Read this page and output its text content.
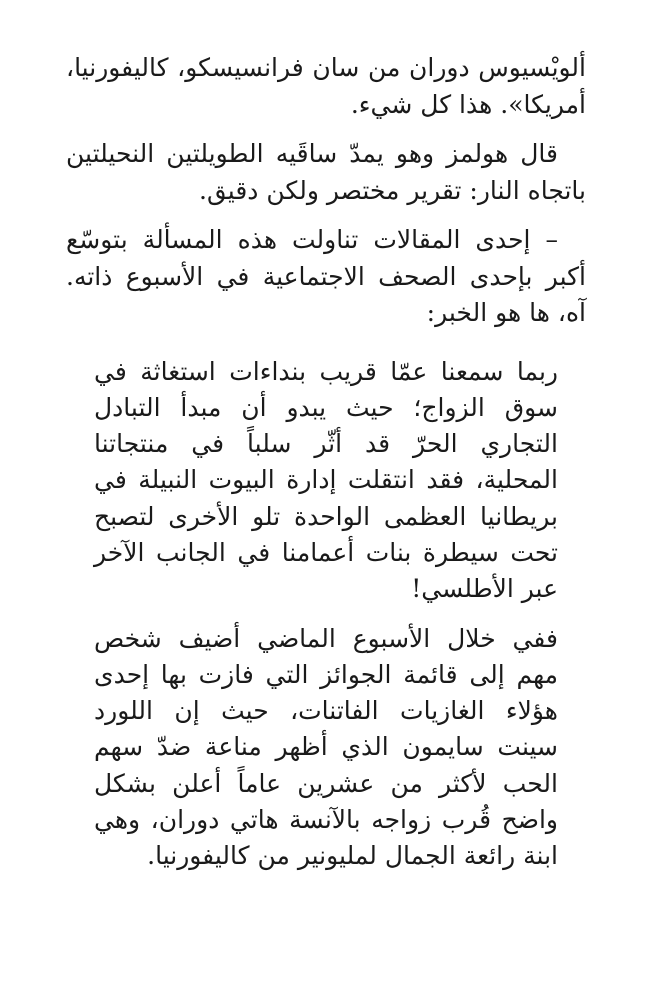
ألويْسيوس دوران من سان فرانسيسكو، كاليفورنيا، أمريكا». هذا كل شيء.

قال هولمز وهو يمدّ ساقَيه الطويلتين النحيلتين باتجاه النار: تقرير مختصر ولكن دقيق.

– إحدى المقالات تناولت هذه المسألة بتوسّع أكبر بإحدى الصحف الاجتماعية في الأسبوع ذاته. آه، ها هو الخبر:

ربما سمعنا عمّا قريب بنداءات استغاثة في سوق الزواج؛ حيث يبدو أن مبدأ التبادل التجاري الحرّ قد أثّر سلباً في منتجاتنا المحلية، فقد انتقلت إدارة البيوت النبيلة في بريطانيا العظمى الواحدة تلو الأخرى لتصبح تحت سيطرة بنات أعمامنا في الجانب الآخر عبر الأطلسي!

ففي خلال الأسبوع الماضي أضيف شخص مهم إلى قائمة الجوائز التي فازت بها إحدى هؤلاء الغازيات الفاتنات، حيث إن اللورد سينت سايمون الذي أظهر مناعة ضدّ سهم الحب لأكثر من عشرين عاماً أعلن بشكل واضح قُرب زواجه بالآنسة هاتي دوران، وهي ابنة رائعة الجمال لمليونير من كاليفورنيا.
